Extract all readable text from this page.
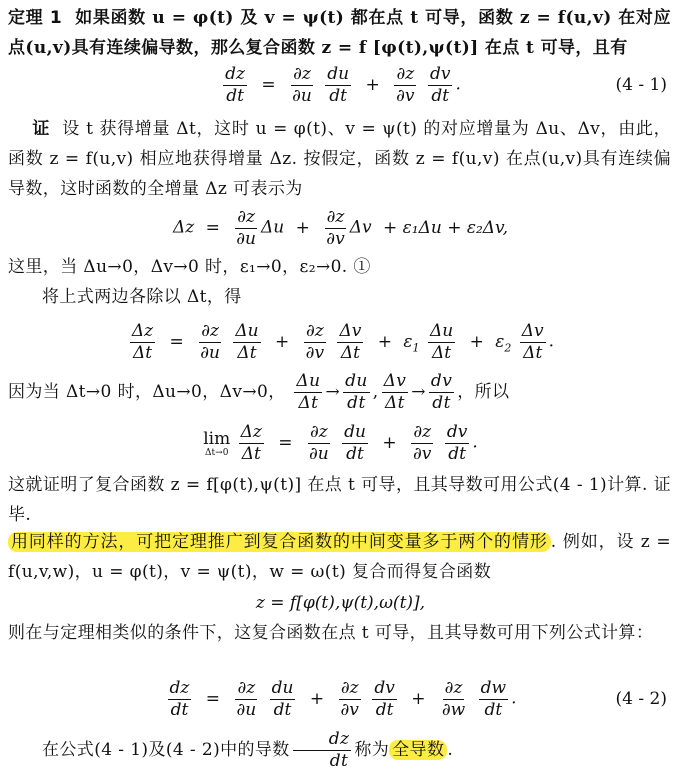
定理 1 如果函数 u = φ(t) 及 v = ψ(t) 都在点 t 可导，函数 z = f(u,v) 在对应点(u,v)具有连续偏导数，那么复合函数 z = f [φ(t),ψ(t)] 在点 t 可导，且有
$\frac{dz}{dt} = \frac{\partial z}{\partial u}$
$\frac{du}{dt} + \frac{\partial z}{\partial v}$
$\frac{dv}{dt}$ .	(4 - 1)
证 设 t 获得增量 Δt，这时 u = φ(t)、v = ψ(t) 的对应增量为 Δu、Δv，由此，函数 z = f(u,v) 相应地获得增量 Δz. 按假定，函数 z = f(u,v) 在点(u,v)具有连续偏导数，这时函数的全增量 Δz 可表示为
$\Delta z = \frac{\partial z}{\partial u}$ $\Delta u + \frac{\partial z}{\partial v}$ Δv + ε₁Δu + ε₂Δv,
这里，当 Δu→0，Δv→0 时，ε₁→0，ε₂→0. ①
将上式两边各除以 Δt，得
$\frac{\Delta z}{\Delta t} = \frac{\partial z}{\partial u}$
$\frac{\Delta u}{\Delta t} + \frac{\partial z}{\partial v}$
$\frac{\Delta v}{\Delta t} + \varepsilon_1 \frac{\Delta u}{\Delta t} + \varepsilon_2 \frac{\Delta v}{\Delta t}$ .
因为当 Δt→0 时，Δu→0，Δv→0， $\frac{\Delta u}{\Delta t} \to \frac{du}{dt}$ , $\frac{\Delta v}{\Delta t} \to \frac{dv}{dt}$ ，所以
lim
Δt→0
$\frac{\Delta z}{\Delta t} = \frac{\partial z}{\partial u}$
$\frac{du}{dt} + \frac{\partial z}{\partial v}$
$\frac{dv}{dt}$ .
这就证明了复合函数 z = f[φ(t),ψ(t)] 在点 t 可导，且其导数可用公式(4 - 1)计算. 证毕.
用同样的方法，可把定理推广到复合函数的中间变量多于两个的情形 . 例如，设 z = f(u,v,w)，u = φ(t)，v = ψ(t)，w = ω(t) 复合而得复合函数
z = f[φ(t),ψ(t),ω(t)],
则在与定理相类似的条件下，这复合函数在点 t 可导，且其导数可用下列公式计算：
$\frac{dz}{dt} = \frac{\partial z}{\partial u}$
$\frac{du}{dt} + \frac{\partial z}{\partial v}$
$\frac{dv}{dt} + \frac{\partial z}{\partial w}$
$\frac{dw}{dt}$ .	(4 - 2)
在公式(4 - 1)及(4 - 2)中的导数 $\frac{dz}{dt}$ 称为 全导数 .
